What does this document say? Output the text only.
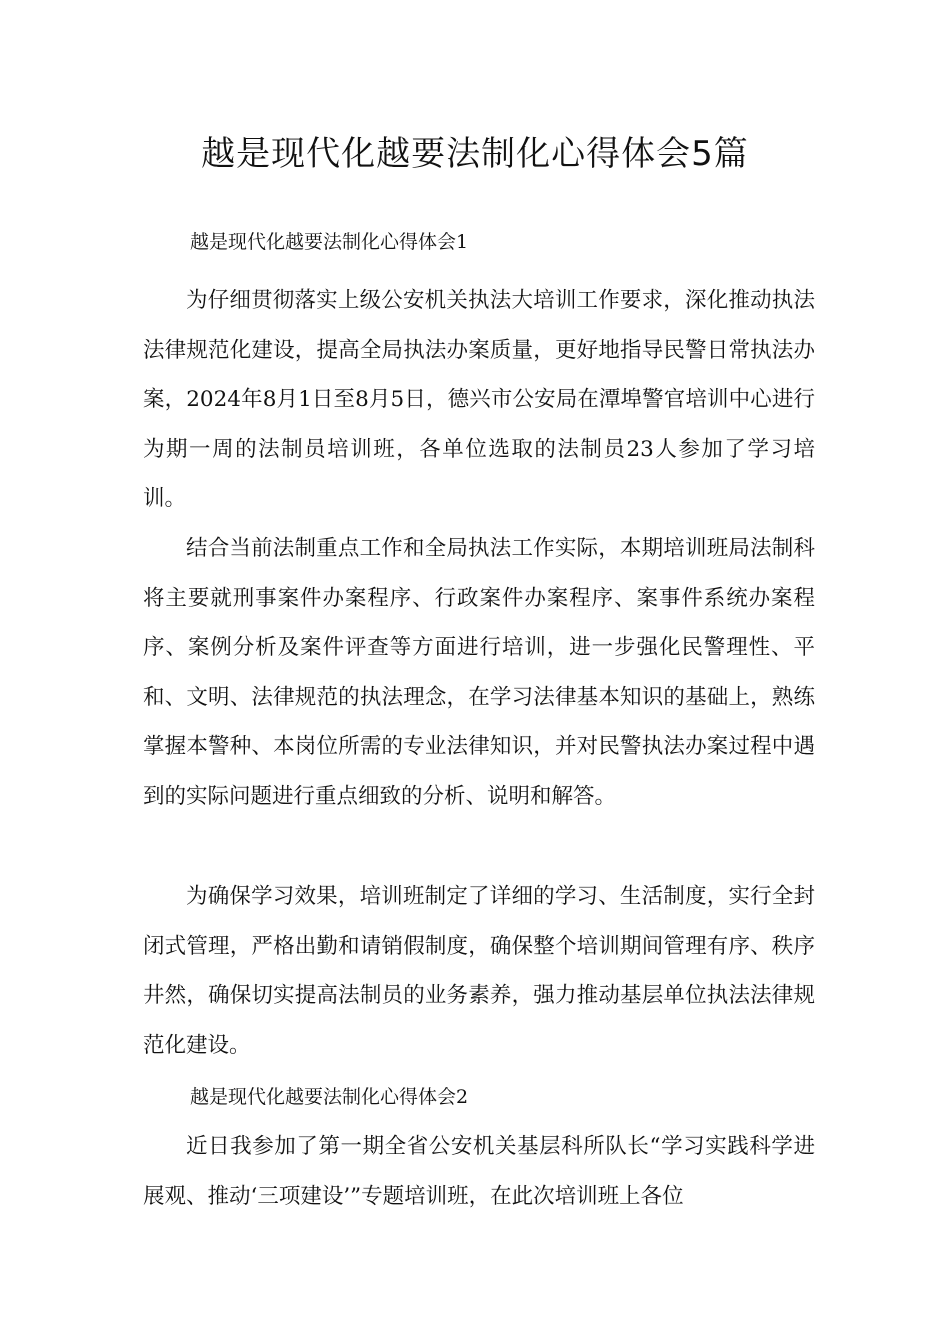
越是现代化越要法制化心得体会5篇
越是现代化越要法制化心得体会1

为仔细贯彻落实上级公安机关执法大培训工作要求，深化推动执法法律规范化建设，提高全局执法办案质量，更好地指导民警日常执法办案，2024年8月1日至8月5日，德兴市公安局在潭埠警官培训中心进行为期一周的法制员培训班，各单位选取的法制员23人参加了学习培训。

结合当前法制重点工作和全局执法工作实际，本期培训班局法制科将主要就刑事案件办案程序、行政案件办案程序、案事件系统办案程序、案例分析及案件评查等方面进行培训，进一步强化民警理性、平和、文明、法律规范的执法理念，在学习法律基本知识的基础上，熟练掌握本警种、本岗位所需的专业法律知识，并对民警执法办案过程中遇到的实际问题进行重点细致的分析、说明和解答。

为确保学习效果，培训班制定了详细的学习、生活制度，实行全封闭式管理，严格出勤和请销假制度，确保整个培训期间管理有序、秩序井然，确保切实提高法制员的业务素养，强力推动基层单位执法法律规范化建设。

越是现代化越要法制化心得体会2

近日我参加了第一期全省公安机关基层科所队长“学习实践科学进展观、推动‘三项建设’”专题培训班，在此次培训班上各位
